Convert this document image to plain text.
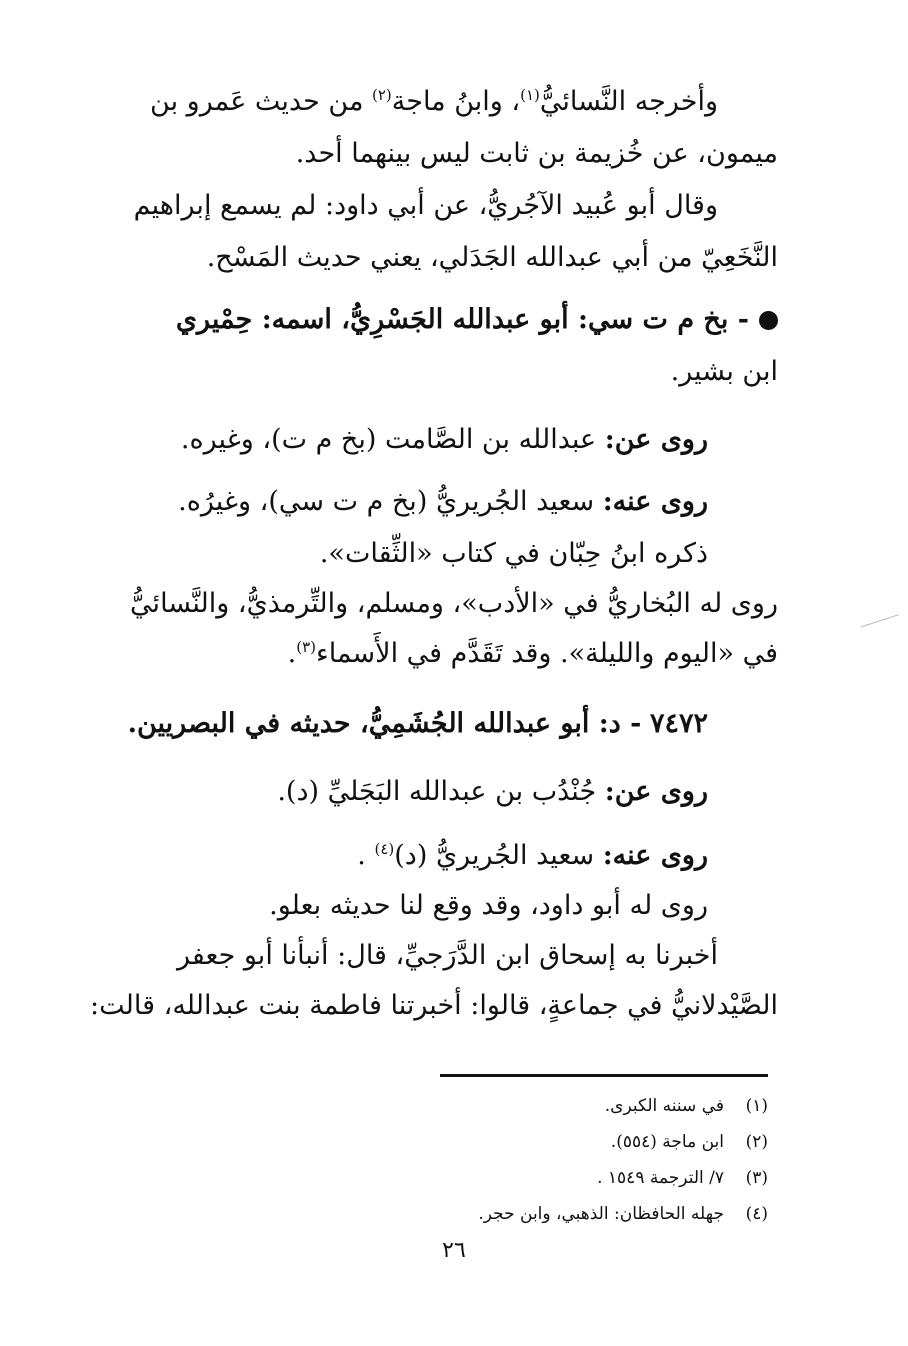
وأخرجه النَّسائيُّ$^{(١)}$، وابنُ ماجة$^{(٢)}$ من حديث عَمرو بن
ميمون، عن خُزيمة بن ثابت ليس بينهما أحد.
وقال أبو عُبيد الآجُريُّ، عن أبي داود: لم يسمع إبراهيم
النَّخَعِيّ من أبي عبدالله الجَدَلي، يعني حديث المَسْح.
- بخ م ت سي: أبو عبدالله الجَسْرِيُّ، اسمه: حِمْيري
ابن بشير.
روى عن: عبدالله بن الصَّامت (بخ م ت)، وغيره.
روى عنه: سعيد الجُريريُّ (بخ م ت سي)، وغيرُه.
ذكره ابنُ حِبّان في كتاب «الثِّقات».
روى له البُخاريُّ في «الأدب»، ومسلم، والتِّرمذيُّ، والنَّسائيُّ
في «اليوم والليلة». وقد تَقَدَّم في الأَسماء$^{(٣)}$.
٧٤٧٢ - د: أبو عبدالله الجُشَمِيُّ، حديثه في البصريين.
روى عن: جُنْدُب بن عبدالله البَجَليِّ (د).
روى عنه: سعيد الجُريريُّ (د)$^{(٤)}$ .
روى له أبو داود، وقد وقع لنا حديثه بعلو.
أخبرنا به إسحاق ابن الدَّرَجيِّ، قال: أنبأنا أبو جعفر
الصَّيْدلانيُّ في جماعةٍ، قالوا: أخبرتنا فاطمة بنت عبدالله، قالت:
(١)في سننه الكبرى.
(٢)ابن ماجة (٥٥٤).
(٣)٧/ الترجمة ١٥٤٩ .
(٤)جهله الحافظان: الذهبي، وابن حجر.
٢٦
